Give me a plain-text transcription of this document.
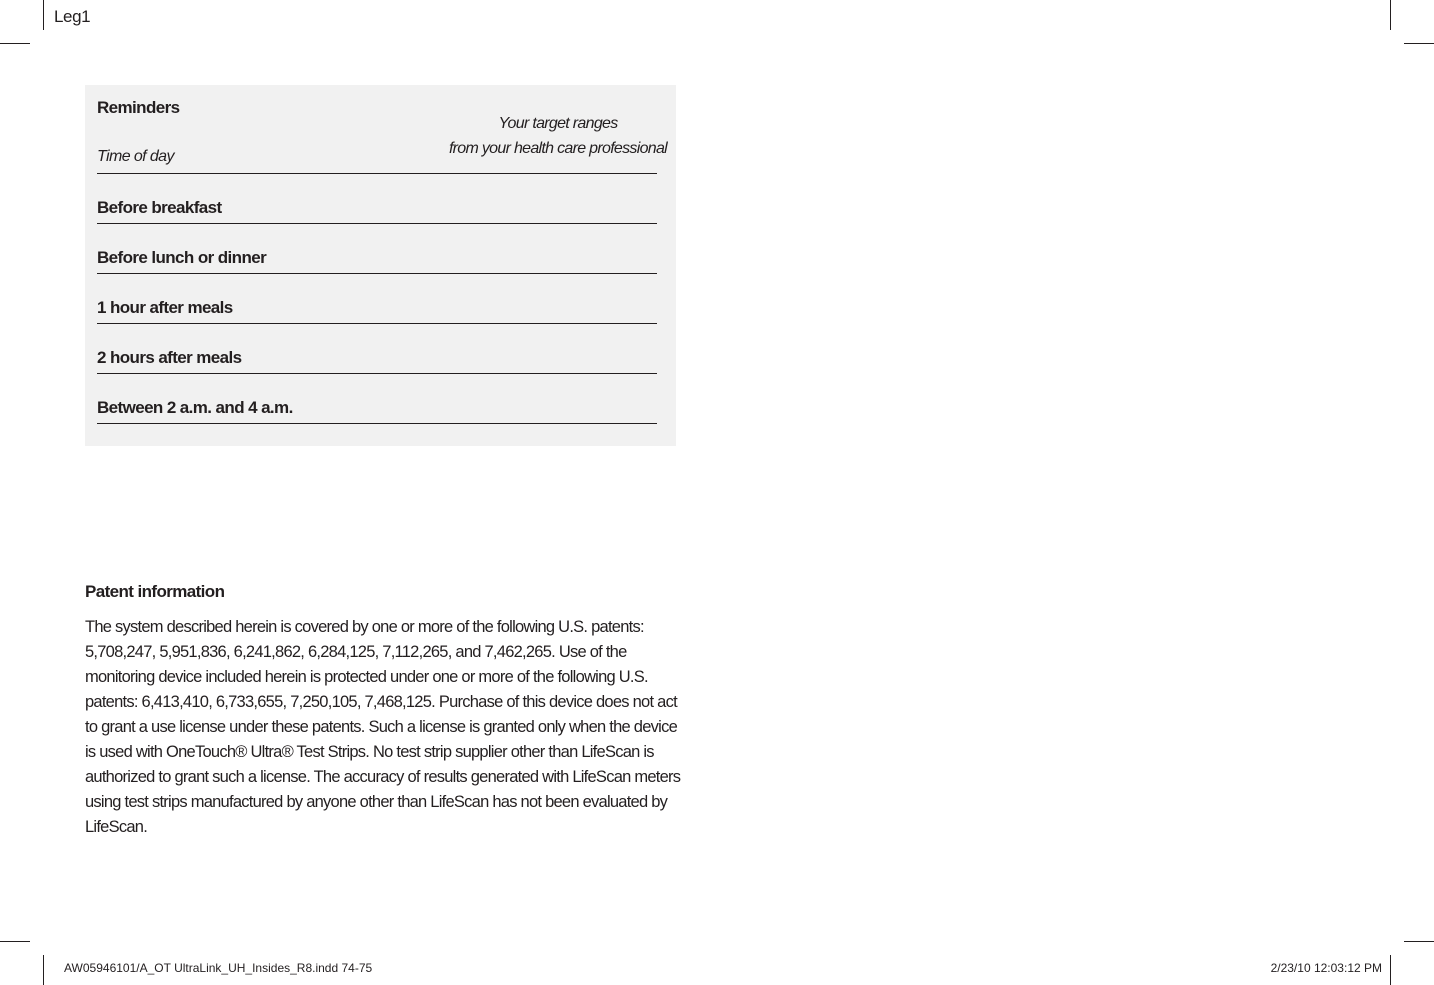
Leg1
Reminders
Your target ranges
from your health care professional
Time of day
Before breakfast
Before lunch or dinner
1 hour after meals
2 hours after meals
Between 2 a.m. and 4 a.m.
Patent information
The system described herein is covered by one or more of the following U.S. patents:
5,708,247, 5,951,836, 6,241,862, 6,284,125, 7,112,265, and 7,462,265. Use of the
monitoring device included herein is protected under one or more of the following U.S.
patents: 6,413,410, 6,733,655, 7,250,105, 7,468,125. Purchase of this device does not act
to grant a use license under these patents. Such a license is granted only when the device
is used with OneTouch® Ultra® Test Strips. No test strip supplier other than LifeScan is
authorized to grant such a license. The accuracy of results generated with LifeScan meters
using test strips manufactured by anyone other than LifeScan has not been evaluated by
LifeScan.
AW05946101/A_OT UltraLink_UH_Insides_R8.indd 74-75	2/23/10 12:03:12 PM
